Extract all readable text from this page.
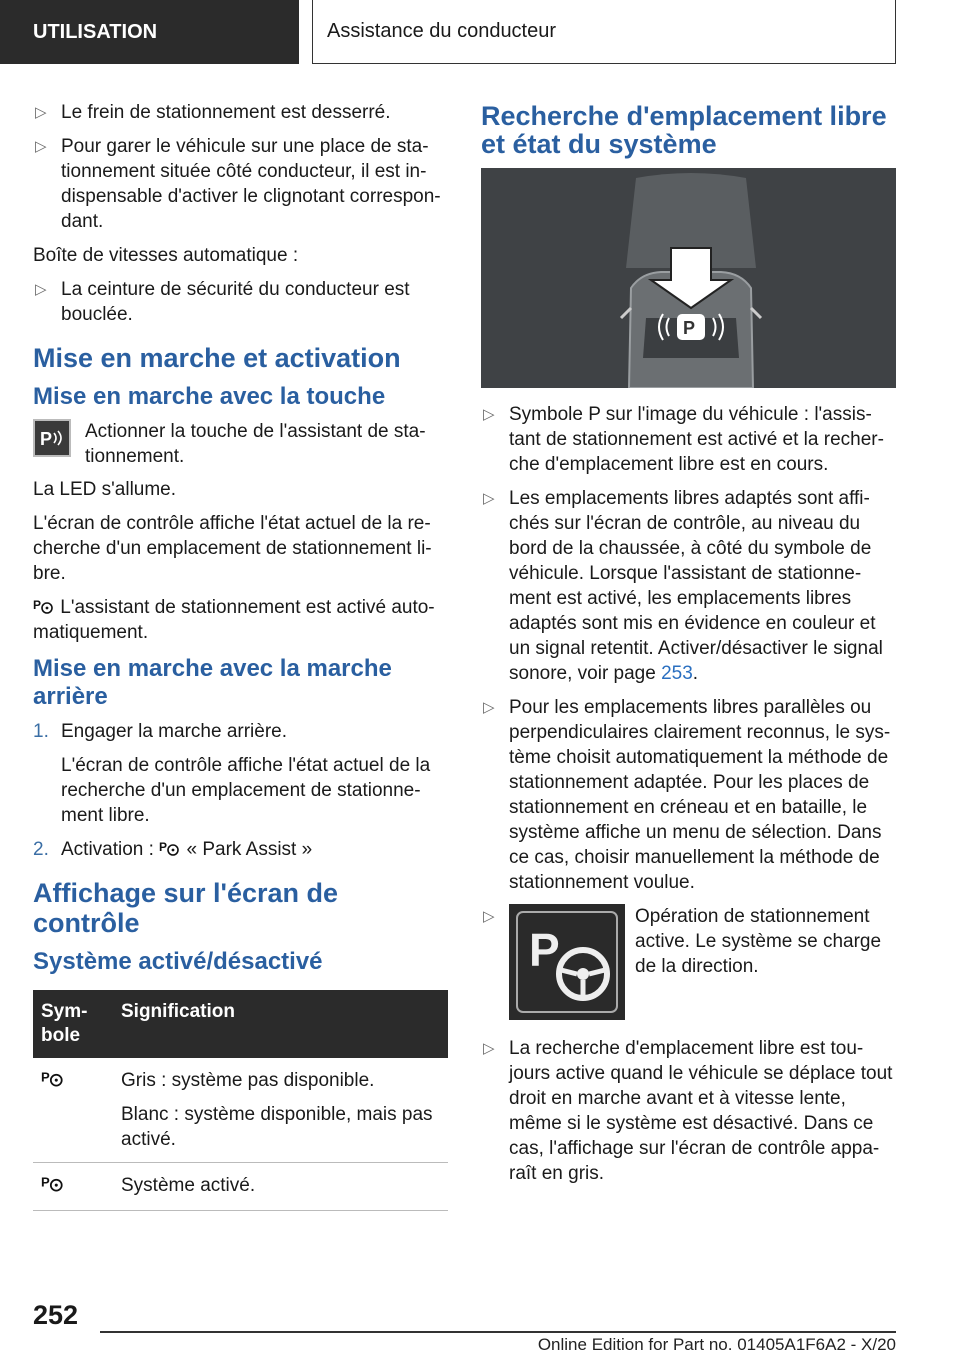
UTILISATION	Assistance du conducteur
▷ Le frein de stationnement est desserré.
▷ Pour garer le véhicule sur une place de sta-tionnement située côté conducteur, il est in-dispensable d'activer le clignotant correspon-dant.

Boîte de vitesses automatique :

▷ La ceinture de sécurité du conducteur est bouclée.
Mise en marche et activation
Mise en marche avec la touche
P Actionner la touche de l'assistant de sta-tionnement.

La LED s'allume.

L'écran de contrôle affiche l'état actuel de la re-cherche d'un emplacement de stationnement li-bre.

P L'assistant de stationnement est activé auto-matiquement.

Mise en marche avec la marche arrière
1. Engager la marche arrière.

L'écran de contrôle affiche l'état actuel de la recherche d'un emplacement de stationne-ment libre.

2. Activation : P « Park Assist »
Affichage sur l'écran de contrôle
Système activé/désactivé
Sym-bole	Signification

P	Gris : système pas disponible.

Blanc : système disponible, mais pas activé.

P	Système activé.
Recherche d'emplacement libre et état du système
P
▷ Symbole P sur l'image du véhicule : l'assis-tant de stationnement est activé et la recher-che d'emplacement libre est en cours.
▷ Les emplacements libres adaptés sont affi-chés sur l'écran de contrôle, au niveau du bord de la chaussée, à côté du symbole de véhicule. Lorsque l'assistant de stationne-ment est activé, les emplacements libres adaptés sont mis en évidence en couleur et un signal retentit. Activer/désactiver le signal sonore, voir page 253.
▷ Pour les emplacements libres parallèles ou perpendiculaires clairement reconnus, le sys-tème choisit automatiquement la méthode de stationnement adaptée. Pour les places de stationnement en créneau et en bataille, le système affiche un menu de sélection. Dans ce cas, choisir manuellement la méthode de stationnement voulue.
▷
P
Opération de stationnement active. Le système se charge de la direction.
▷ La recherche d'emplacement libre est tou-jours active quand le véhicule se déplace tout droit en marche avant et à vitesse lente, même si le système est désactivé. Dans ce cas, l'affichage sur l'écran de contrôle appa-raît en gris.
252
Online Edition for Part no. 01405A1F6A2 - X/20
